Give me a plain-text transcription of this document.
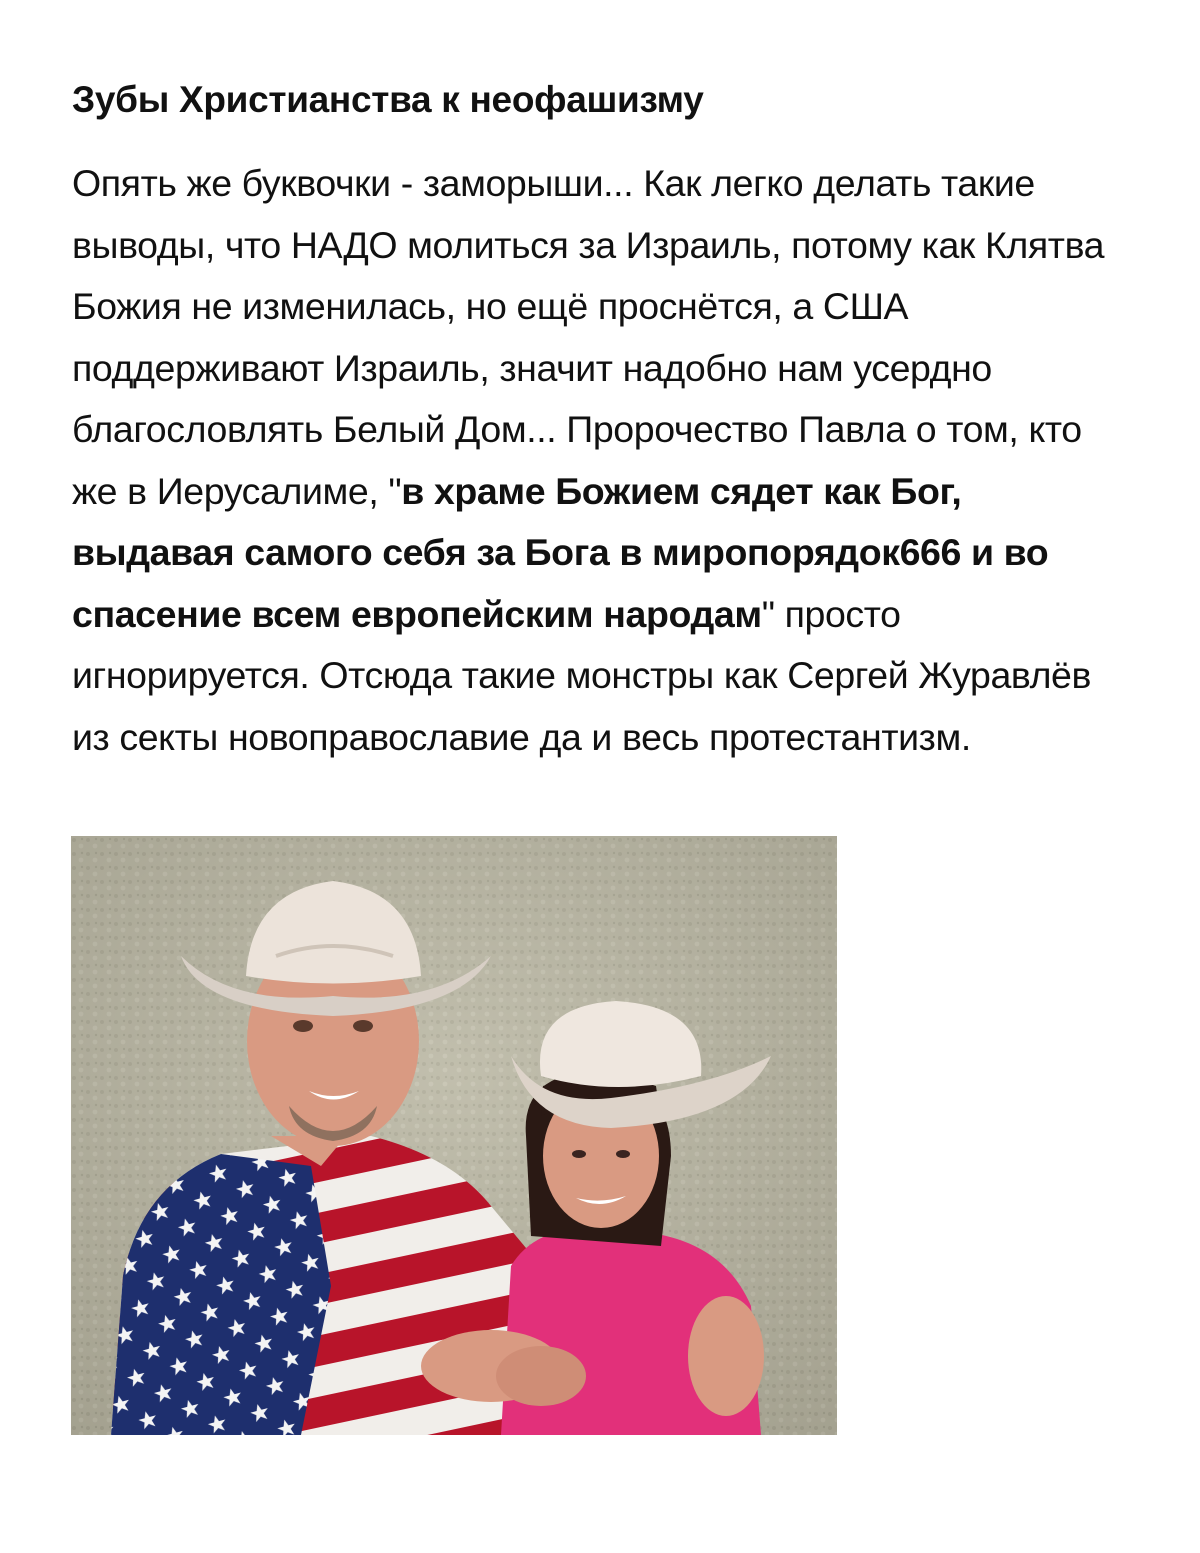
Зубы Христианства к неофашизму

Опять же буквочки - заморыши... Как легко делать такие выводы, что НАДО молиться за Израиль, потому как Клятва Божия не изменилась, но ещё проснётся, а США поддерживают Израиль, значит надобно нам усердно благословлять Белый Дом... Пророчество Павла о том, кто же в Иерусалиме, "в храме Божием сядет как Бог, выдавая самого себя за Бога в миропорядок666 и во спасение всем европейским народам" просто игнорируется. Отсюда такие монстры как Сергей Журавлёв из секты новоправославие да и весь протестантизм.
